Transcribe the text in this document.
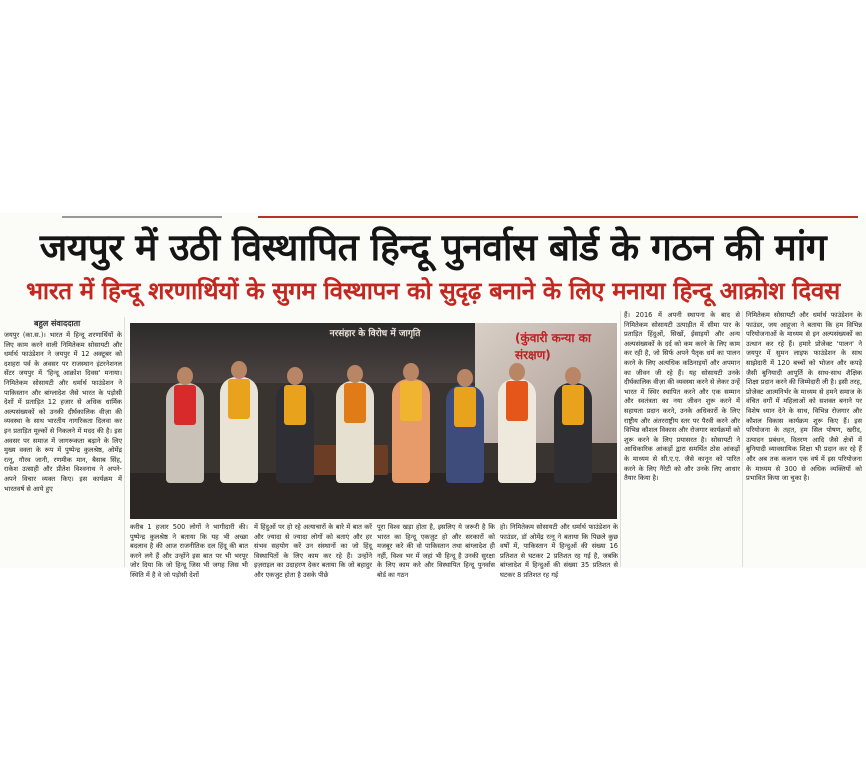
जयपुर में उठी विस्थापित हिन्दू पुनर्वास बोर्ड के गठन की मांग
भारत में हिन्दू शरणार्थियों के सुगम विस्थापन को सुदृढ़ बनाने के लिए मनाया हिन्दू आक्रोश दिवस
बहुल संवाददाता
जयपुर (का.स.)। भारत में हिन्दू शरणार्थियों के लिए काम करने वाली निमितेकम सोसायटी और धर्मार्थ फाउंडेशन ने जयपुर में 12 अक्टूबर को दशहरा पर्व के अवसर पर राजस्थान इंटरनेशनल सेंटर जयपुर में 'हिन्दू आक्रोश दिवस' मनाया। निमितेकम सोसायटी और धर्मार्थ फाउंडेशन ने पाकिस्तान और बांग्लादेश जैसे भारत के पड़ोसी देशों में प्रताड़ित 12 हजार से अधिक धार्मिक अल्पसंख्यकों को उनकी दीर्घकालिक वीज़ा की व्यवस्था के साथ भारतीय नागरिकता दिलवा कर इन प्रताड़ित मूल्कों से निकलने में मदद की है। इस अवसर पर समाज में जागरूकता बढ़ाने के लिए मुख्य वक्ता के रूप में पुष्पेन्द्र कुलश्रेष्ठ, ओमेंद्र रत्नू, गौरव जानी, रणमीक मान, बैसाब सिंह, राकेश उत्साही और प्रीतेश विश्वनाथ ने अपने-अपने विचार व्यक्त किए। इस कार्यक्रम में भारतवर्ष से आये हुए
नरसंहार के विरोध में जागृति	(कुंवारी कन्या का संरक्षण)
करीब 1 हजार 500 लोगों ने भागीदारी की। पुष्पेन्द्र कुलश्रेष्ठ ने बताया कि यह भी अच्छा बदलाव है की आज राजनीतिक दल हिंदू की बात करने लगे हैं और उन्होंने इस बात पर भी भरपूर जोर दिया कि जो हिन्दू जिस भी जगह जिस भी स्थिति में है वे जो पड़ोसी देशों
में हिंदुओं पर हो रहे अत्याचारों के बारे में बात करें और ज्यादा से ज्यादा लोगों को बताएं और हर संभव सहयोग करें उन संस्थानों का जो हिंदू विस्थापितों के लिए काम कर रहे हैं। उन्होंने इज़राइल का उदाहरण देकर बताया कि जो बहादुर और एकजुट होता है उसके पीछे
पूरा विश्व खड़ा होता है, इसलिए ये जरूरी है कि भारत का हिन्दू एकजुट हो और सरकारों को मजबूर करे की वो पाकिस्तान तथा बांग्लादेश ही नहीं, विश्व भर में जहां भी हिन्दू है उनकी सुरक्षा के लिए काम करे और विस्थापित हिन्दू पुनर्वास बोर्ड का गठन
हो। निमितेकम सोसायटी और धर्मार्थ फाउंडेशन के फाउंडर, डॉ ओमेंद्र रत्नू ने बताया कि पिछले कुछ वर्षों में, पाकिस्तान में हिन्दुओं की संख्या 16 प्रतिशत से घटकर 2 प्रतिशत रह गई है, जबकि बांग्लादेश में हिन्दुओं की संख्या 35 प्रतिशत से घटकर 8 प्रतिशत रह गई
हैं। 2016 में अपनी स्थापना के बाद से निमितेकम सोसायटी उत्पाड़ीत में सीमा पार के प्रताड़ित हिंदुओं, सिखों, ईसाइयों और अन्य अल्पसंख्यकों के दर्द को कम करने के लिए काम कर रही है, जो सिर्फ अपने पैतृक धर्म का पालन करने के लिए अत्यधिक कठिनाइयों और अपमान का जीवन जी रहे हैं। यह सोसायटी उनके दीर्घकालिक वीज़ा की व्यवस्था करने से लेकर उन्हें भारत में स्थिर स्थापित करने और एक सम्मान और स्वतंत्रता का नया जीवन शुरू करने में सहायता प्रदान करने, उनके अधिकारों के लिए राष्ट्रीय और अंतरराष्ट्रीय स्तर पर पैरवी करने और विभिन्न कौशल विकास और रोजगार कार्यक्रमों को शुरू करने के लिए प्रयासरत है। सोसायटी ने आधिकारिक आंकड़ों द्वारा समर्थित ठोस आंकड़ों के माध्यम से सी.ए.ए. जैसे कानून को पारित करने के लिए नैरेटी को और उनके लिए आधार तैयार किया है।
निमितेकम सोसायटी और धर्मार्थ फाउंडेशन के फाउंडर, जय आहूजा ने बताया कि हम विभिन्न परियोजनाओं के माध्यम से इन अल्पसंख्यकों का उत्थान कर रहे हैं। हमारे प्रोजेक्ट 'पालन' ने जयपुर में सुमन लाइफ फाउंडेशन के साथ साझेदारी में 120 बच्चों को भोजन और कपड़े जैसी बुनियादी आपूर्ति के साथ-साथ शैक्षिक शिक्षा प्रदान करने की जिम्मेदारी ली है। इसी तरह, प्रोजेक्ट आत्मनिर्भर के माध्यम से हमने समाज के वंचित वर्गों में महिलाओं को सशक्त बनाने पर विशेष ध्यान देने के साथ, विभिन्न रोजगार और कौशल विकास कार्यक्रम शुरू किए हैं। इस परियोजना के तहत, हम सिल पोषण, खरीद, उत्पादन प्रबंधन, वितरण आदि जैसे क्षेत्रों में बुनियादी व्यावसायिक शिक्षा भी प्रदान कर रहे हैं और अब तक कलान एक वर्ष में इस परियोजना के माध्यम से 300 से अधिक व्यक्तियों को प्रभावित किया जा चुका है।
